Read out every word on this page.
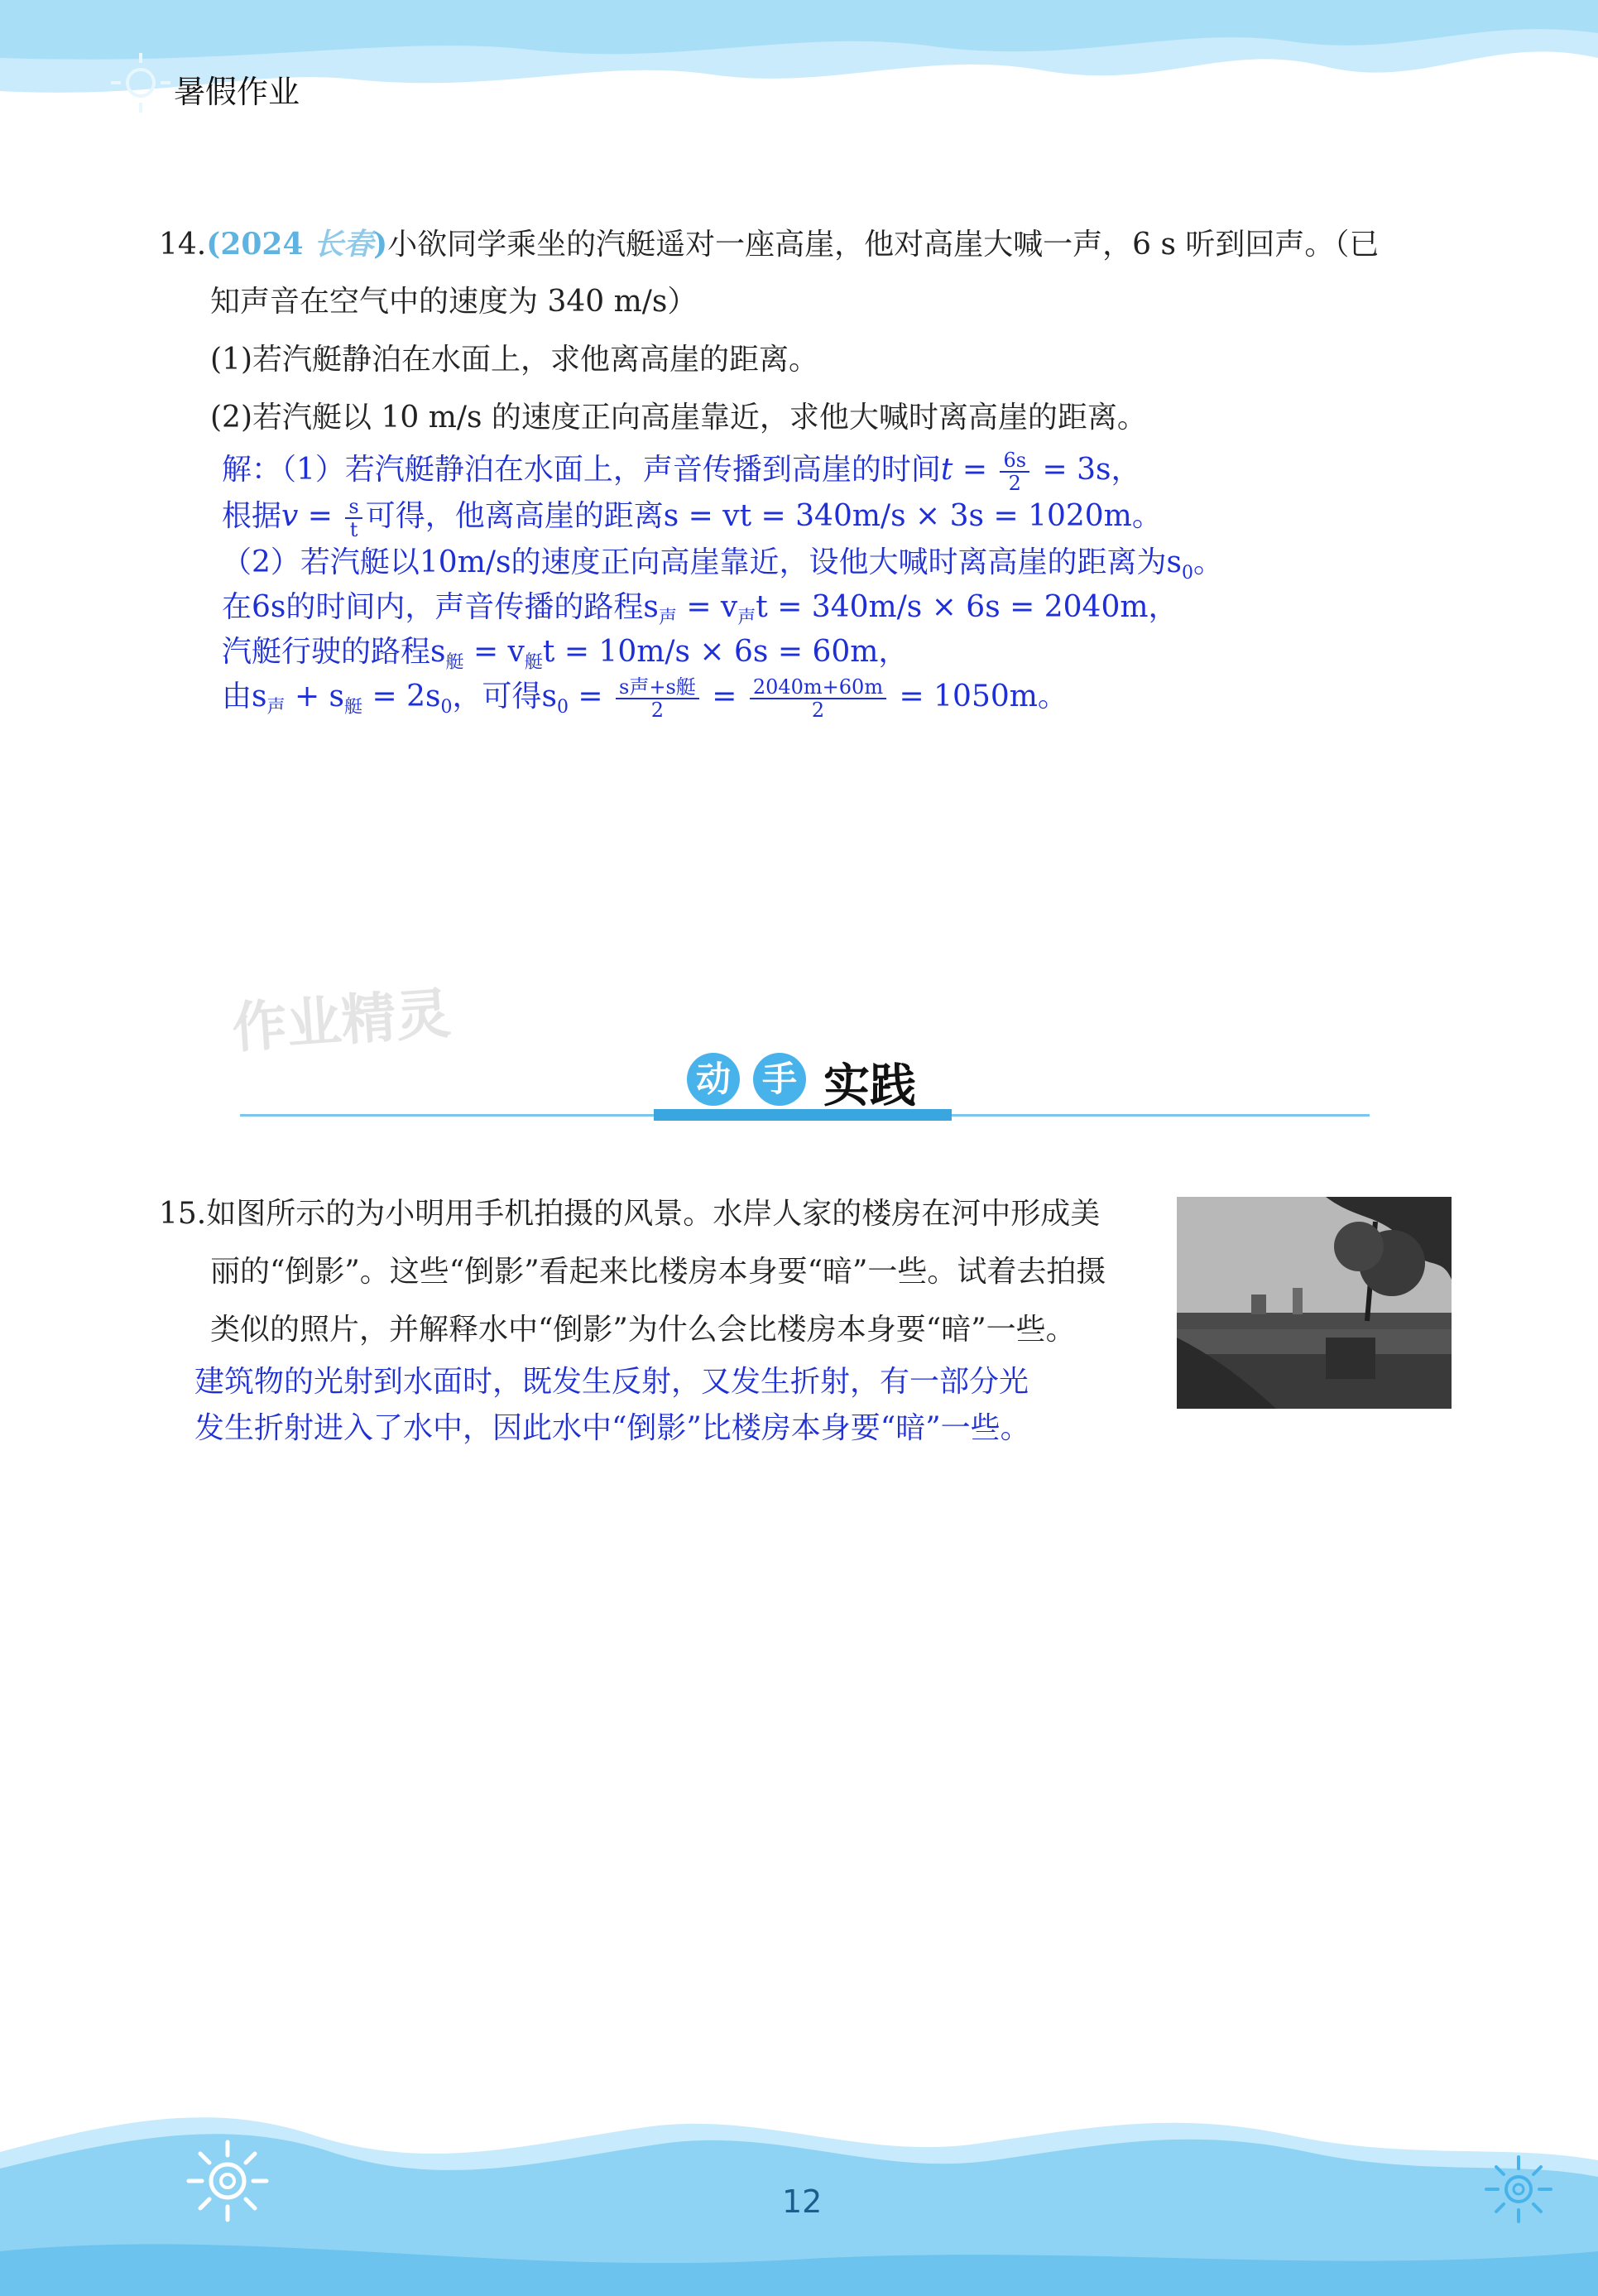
暑假作业
14.(2024 长春)小欲同学乘坐的汽艇遥对一座高崖，他对高崖大喊一声，6 s 听到回声。（已
知声音在空气中的速度为 340 m/s）
(1)若汽艇静泊在水面上，求他离高崖的距离。
(2)若汽艇以 10 m/s 的速度正向高崖靠近，求他大喊时离高崖的距离。
解：（1）若汽艇静泊在水面上，声音传播到高崖的时间$t = \frac{6s}{2} = 3s$，
根据$v = \frac{s}{t}$ 可得，他离高崖的距离s = vt = 340m/s × 3s = 1020m。
（2）若汽艇以10m/s的速度正向高崖靠近，设他大喊时离高崖的距离为$s_0$。
在6s的时间内，声音传播的路程$s_声 = v_声t = 340m/s \times 6s = 2040m$，
汽艇行驶的路程$s_艇 = v_艇t = 10m/s \times 6s = 60m$，
由$s_声 + s_艇 = 2s_0$，可得$s_0 = \frac{\text{s声+s艇}}{2} = \frac{2040m+60m}{2} = 1050m$。
作业精灵
动 手 实践
15.如图所示的为小明用手机拍摄的风景。水岸人家的楼房在河中形成美
丽的“倒影”。这些“倒影”看起来比楼房本身要“暗”一些。试着去拍摄
类似的照片，并解释水中“倒影”为什么会比楼房本身要“暗”一些。
建筑物的光射到水面时，既发生反射，又发生折射，有一部分光
发生折射进入了水中，因此水中“倒影”比楼房本身要“暗”一些。
12
